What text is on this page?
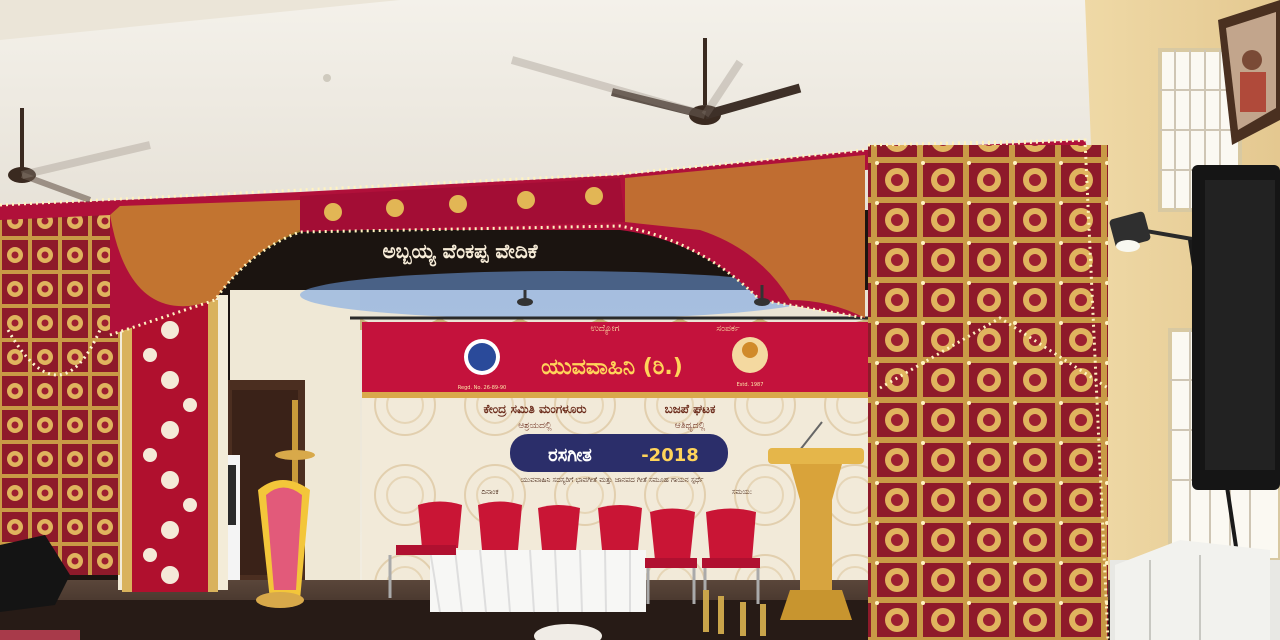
ಅಬ್ಬಯ್ಯ ವೆಂಕಪ್ಪ ವೇದಿಕೆ
ಉದ್ಯೋಗ	ಸಂಪರ್ಕ
ಯುವವಾಹಿನಿ (ರಿ.)
Regd. No. 26-89-90	Estd. 1987
ಕೇಂದ್ರ ಸಮಿತಿ ಮಂಗಳೂರು
ಆಶ್ರಯದಲ್ಲಿ
ಬಜಪೆ ಘಟಕ
ಆತಿಥ್ಯದಲ್ಲಿ
ರಸಗೀತ	-2018
ಯುವವಾಹಿನಿ ಸದಸ್ಯರಿಗೆ ಭಾವಗೀತೆ ಮತ್ತು ಜಾನಪದ ಗೀತೆ ಸಮೂಹ ಗಾಯನ ಸ್ಪರ್ಧೆ
ದಿನಾಂಕ	ಸಮಯ:
